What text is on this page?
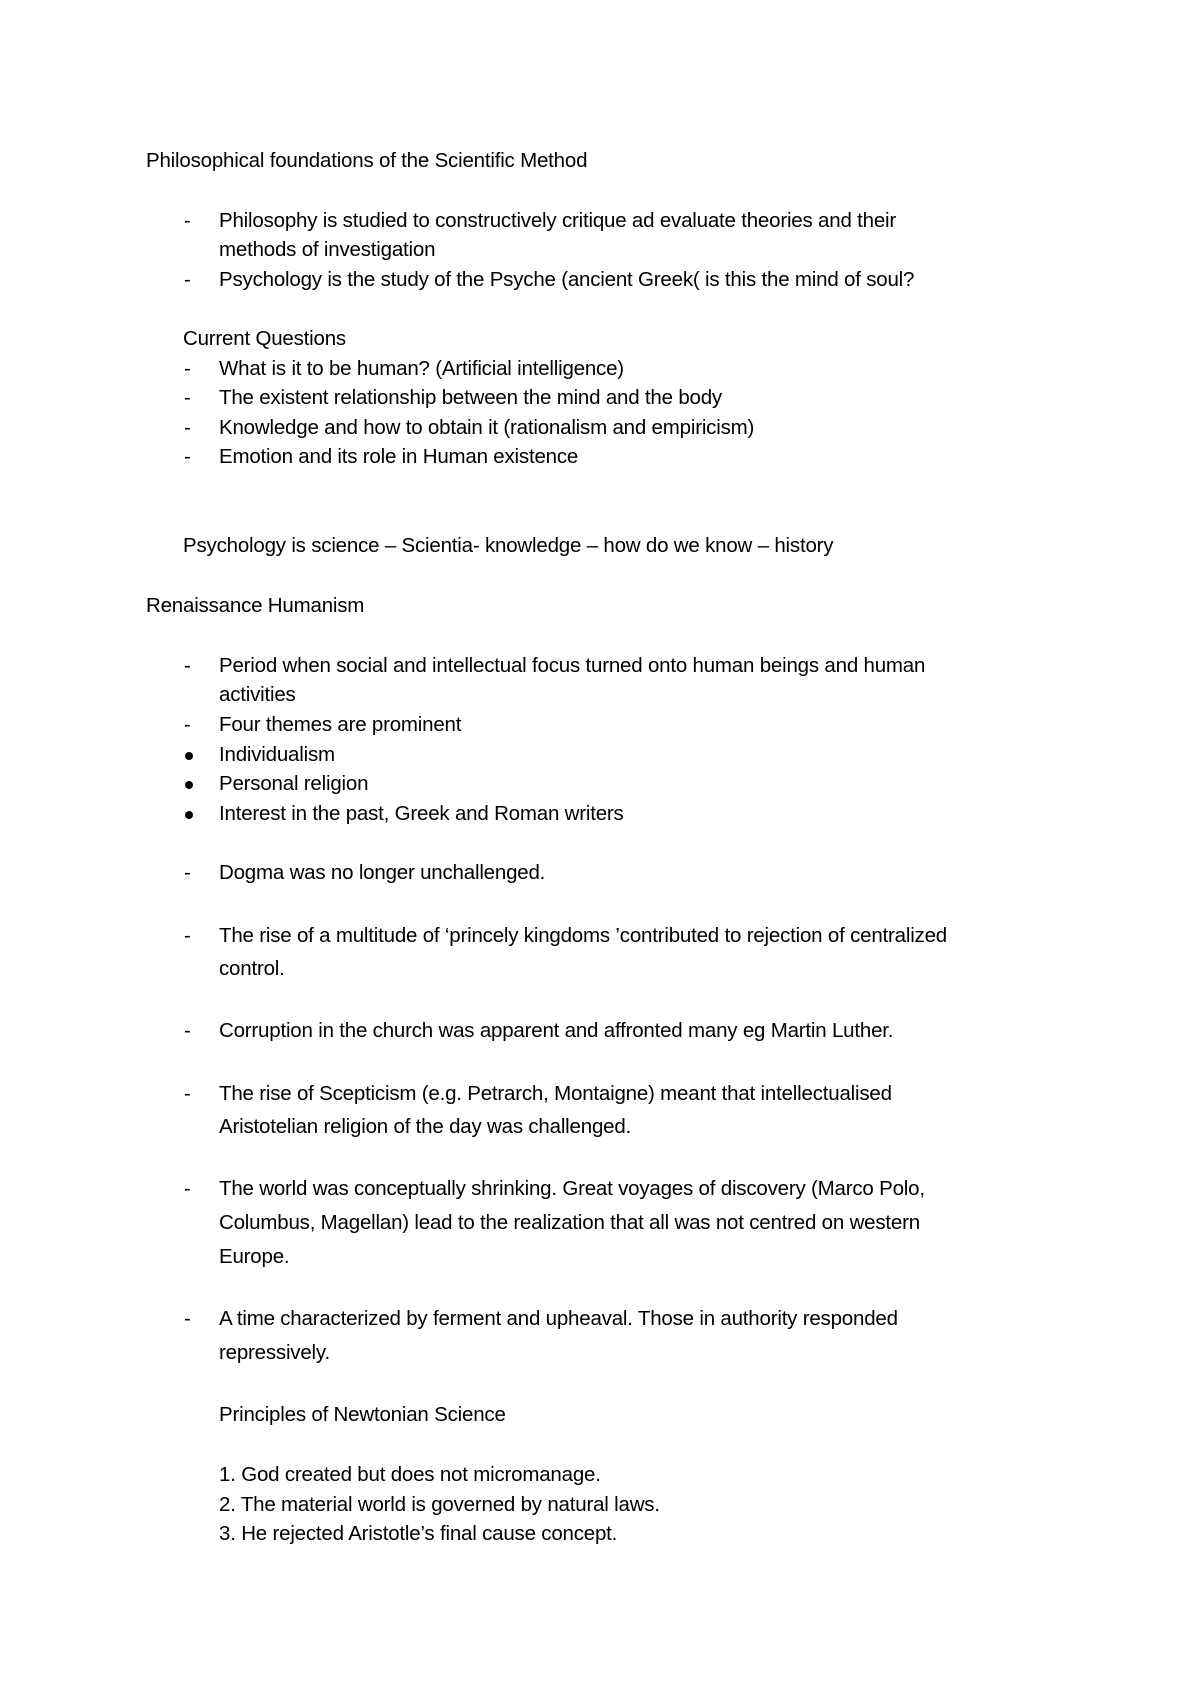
Philosophical foundations of the Scientific Method
-	Philosophy is studied to constructively critique ad evaluate theories and their
methods of investigation
-	Psychology is the study of the Psyche (ancient Greek( is this the mind of soul?
Current Questions
-	What is it to be human? (Artificial intelligence)
-	The existent relationship between the mind and the body
-	Knowledge and how to obtain it (rationalism and empiricism)
-	Emotion and its role in Human existence
Psychology is science – Scientia- knowledge – how do we know – history
Renaissance Humanism
-	Period when social and intellectual focus turned onto human beings and human
activities
-	Four themes are prominent
Individualism
Personal religion
Interest in the past, Greek and Roman writers
-	Dogma was no longer unchallenged.
-	The rise of a multitude of ‘princely kingdoms ’contributed to rejection of centralized
control.
-	Corruption in the church was apparent and affronted many eg Martin Luther.
-	The rise of Scepticism (e.g. Petrarch, Montaigne) meant that intellectualised
Aristotelian religion of the day was challenged.
-	The world was conceptually shrinking. Great voyages of discovery (Marco Polo,
Columbus, Magellan) lead to the realization that all was not centred on western
Europe.
-	A time characterized by ferment and upheaval. Those in authority responded
repressively.
Principles of Newtonian Science
1. God created but does not micromanage.
2. The material world is governed by natural laws.
3. He rejected Aristotle’s final cause concept.
